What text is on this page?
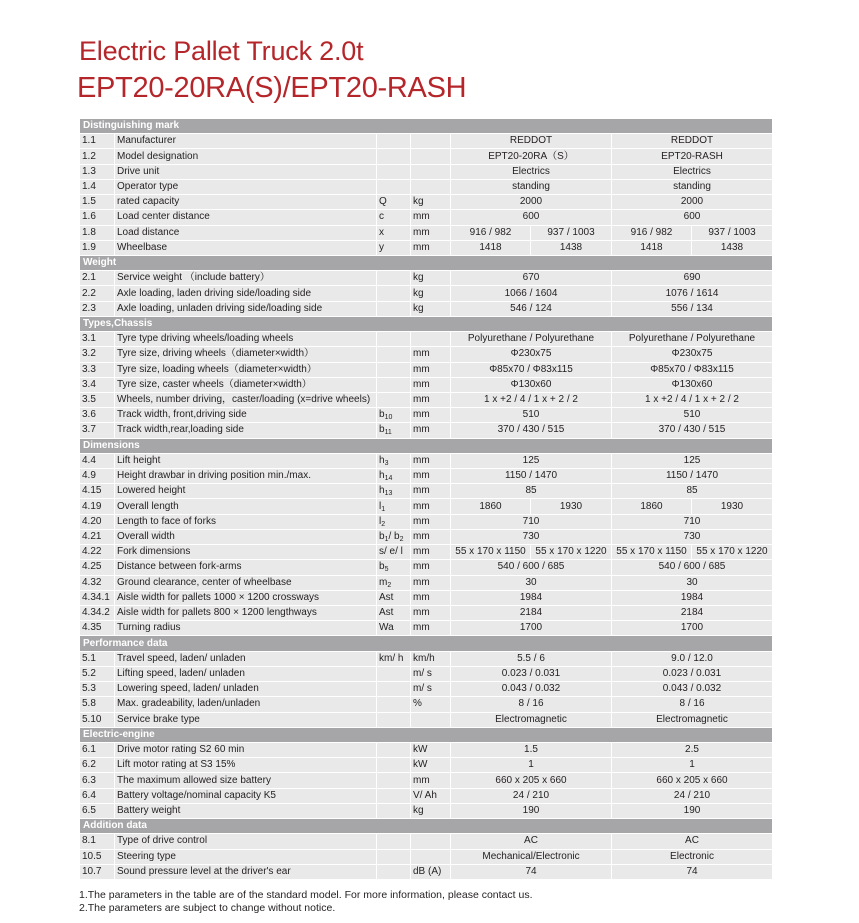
Electric Pallet Truck 2.0t
EPT20-20RA(S)/EPT20-RASH
Distinguishing mark							
1.1	Manufacturer			REDDOT		REDDOT	
1.2	Model designation			EPT20-20RA（S）		EPT20-RASH	
1.3	Drive unit			Electrics		Electrics	
1.4	Operator type			standing		standing	
1.5	rated capacity	Q	kg	2000		2000	
1.6	Load center distance	c	mm	600		600	
1.8	Load distance	x	mm	916 / 982	937 / 1003	916 / 982	937 / 1003
1.9	Wheelbase	y	mm	1418	1438	1418	1438
Weight							
2.1	Service weight （include battery）		kg	670		690	
2.2	Axle loading, laden driving side/loading side		kg	1066 / 1604		1076 / 1614	
2.3	Axle loading, unladen driving side/loading side		kg	546 / 124		556 / 134	
Types,Chassis							
3.1	Tyre type driving wheels/loading wheels			Polyurethane / Polyurethane		Polyurethane / Polyurethane	
3.2	Tyre size, driving wheels（diameter×width）		mm	Φ230x75		Φ230x75	
3.3	Tyre size, loading wheels（diameter×width）		mm	Φ85x70 / Φ83x115		Φ85x70 / Φ83x115	
3.4	Tyre size, caster wheels（diameter×width）		mm	Φ130x60		Φ130x60	
3.5	Wheels, number driving，caster/loading (x=drive wheels)		mm	1 x +2 / 4 / 1 x + 2 / 2		1 x +2 / 4 / 1 x + 2 / 2	
3.6	Track width, front,driving side	$b_{10}$	mm	510		510	
3.7	Track width,rear,loading side	$b_{11}$	mm	370 / 430 / 515		370 / 430 / 515	
Dimensions							
4.4	Lift height	$h_3$	mm	125		125	
4.9	Height drawbar in driving position min./max.	$h_{14}$	mm	1150 / 1470		1150 / 1470	
4.15	Lowered height	$h_{13}$	mm	85		85	
4.19	Overall length	$l_1$	mm	1860	1930	1860	1930
4.20	Length to face of forks	$l_2$	mm	710		710	
4.21	Overall width	$b_1/$ $b_2$	mm	730		730	
4.22	Fork dimensions	s/ e/ l	mm	55 x 170 x 1150	55 x 170 x 1220	55 x 170 x 1150	55 x 170 x 1220
4.25	Distance between fork-arms	$b_5$	mm	540 / 600 / 685		540 / 600 / 685	
4.32	Ground clearance, center of wheelbase	$m_2$	mm	30		30	
4.34.1	Aisle width for pallets 1000 × 1200 crossways	Ast	mm	1984		1984	
4.34.2	Aisle width for pallets 800 × 1200 lengthways	Ast	mm	2184		2184	
4.35	Turning radius	Wa	mm	1700		1700	
Performance data							
5.1	Travel speed, laden/ unladen	km/ h	km/h	5.5 / 6		9.0 / 12.0	
5.2	Lifting speed, laden/ unladen		m/ s	0.023 / 0.031		0.023 / 0.031	
5.3	Lowering speed, laden/ unladen		m/ s	0.043 / 0.032		0.043 / 0.032	
5.8	Max. gradeability, laden/unladen		%	8 / 16		8 / 16	
5.10	Service brake type			Electromagnetic		Electromagnetic	
Electric-engine							
6.1	Drive motor rating S2 60 min		kW	1.5		2.5	
6.2	Lift motor rating at S3 15%		kW	1		1	
6.3	The maximum allowed size battery		mm	660 x 205 x 660		660 x 205 x 660	
6.4	Battery voltage/nominal capacity K5		V/ Ah	24 / 210		24 / 210	
6.5	Battery weight		kg	190		190	
Addition data							
8.1	Type of drive control			AC		AC	
10.5	Steering type			Mechanical/Electronic		Electronic	
10.7	Sound pressure level at the driver's ear		dB (A)	74		74	
1.The parameters in the table are of the standard model. For more information, please contact us.
2.The parameters are subject to change without notice.
